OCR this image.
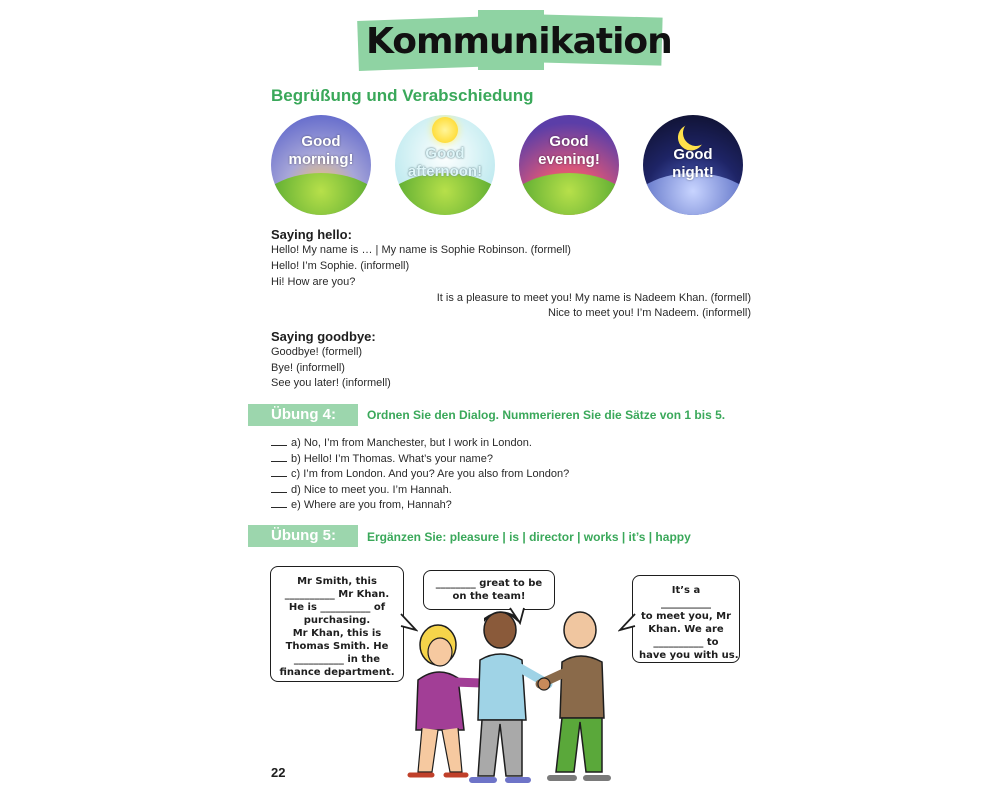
Kommunikation
Begrüßung und Verabschiedung
Good
morning!	Good
afternoon!
Good
evening!	Good
night!
Saying hello:
Hello! My name is … | My name is Sophie Robinson. (formell)
Hello! I’m Sophie. (informell)
Hi! How are you?
It is a pleasure to meet you! My name is Nadeem Khan. (formell)
Nice to meet you! I’m Nadeem. (informell)
Saying goodbye:
Goodbye! (formell)
Bye! (informell)
See you later! (informell)
Übung 4:	Ordnen Sie den Dialog. Nummerieren Sie die Sätze von 1 bis 5.
a) No, I’m from Manchester, but I work in London.
b) Hello! I’m Thomas. What’s your name?
c) I’m from London. And you? Are you also from London?
d) Nice to meet you. I’m Hannah.
e) Where are you from, Hannah?
Übung 5:	Ergänzen Sie: pleasure | is | director | works | it’s | happy
Mr Smith, this
__________ Mr Khan.
He is __________ of
purchasing.
Mr Khan, this is
Thomas Smith. He
__________ in the
finance department.
________ great to be
on the team!
It’s a
__________
to meet you, Mr
Khan. We are
__________ to
have you with us.
22
